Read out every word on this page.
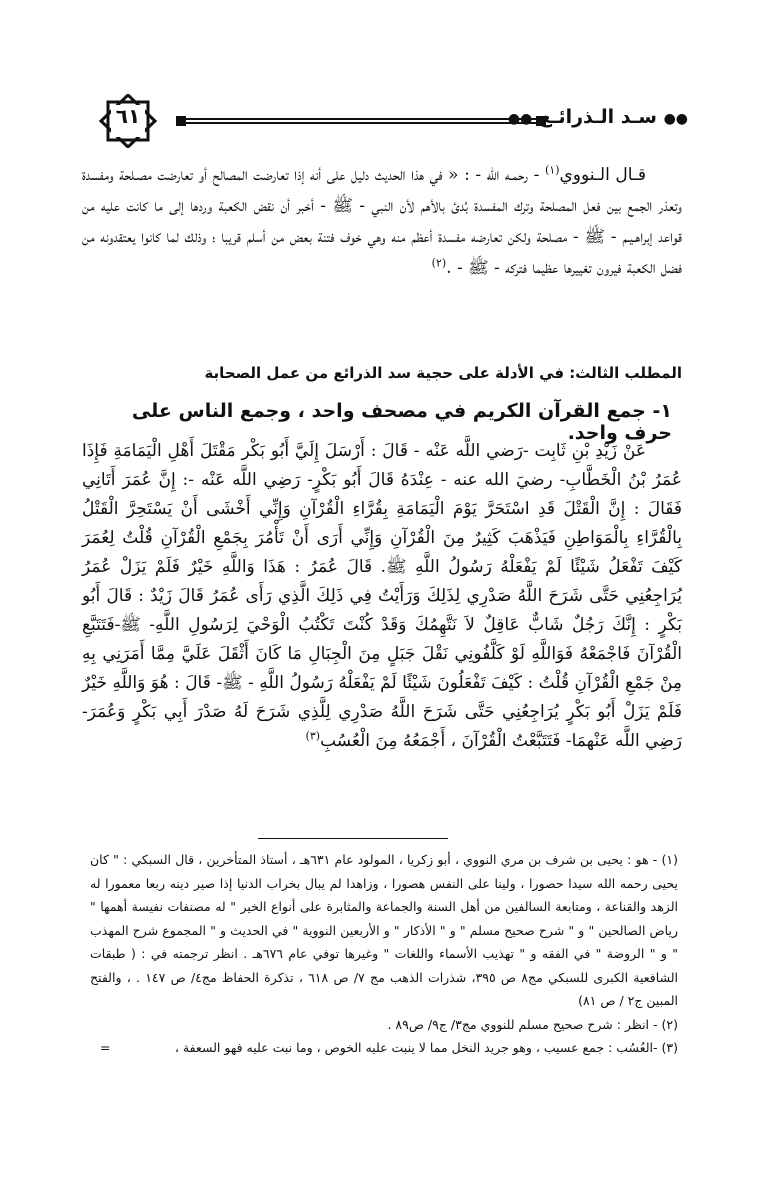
٦١	●● سـد الـذرائـع ●●
قـال الـنووي$^{(١)}$ - رحمـه الله - : « في هذا الحديث دليل على أنه إذا تعارضت المصالح أو تعارضت مصـلحة ومفسدة وتعذر الجمع بين فعل المصلحة وترك المفسدة بُدئ بالأهم لأن النبي - ﷺ - أخبر أن نقض الكعبة وردها إلى ما كانت عليه من قواعد إبراهـيـم - ﷺ - مصلحة ولكن تعارضه مفسدة أعظم منه وهي خوف فتنة بعض من أسلم قريبا ؛ وذلك لما كانوا يعتقدونه من فضل الكعبة فيرون تغييرها عظيما فتركه - ﷺ - .$^{(٢)}$
المطلب الثالث: في الأدلة على حجية سد الذرائع من عمل الصحابة
١- جمع القرآن الكريم في مصحف واحد ، وجمع الناس على حرف واحد.
عَنْ زَيْدِ بْنِ ثَابِت -رَضي اللَّه عَنْه - قَالَ : أَرْسَلَ إِلَيَّ أَبُو بَكْر مَقْتَلَ أَهْلِ الْيَمَامَةِ فَإِذَا عُمَرُ بْنُ الْخَطَّابِ- رضيَ الله عنه - عِنْدَهُ قَالَ أَبُو بَكْرٍ- رَضِي اللَّه عَنْه -: إِنَّ عُمَرَ أَتَانِي فَقَالَ : إِنَّ الْقَتْلَ قَدِ اسْتَحَرَّ يَوْمَ الْيَمَامَةِ بِقُرَّاءِ الْقُرْآنِ وَإِنِّي أَخْشَى أَنْ يَسْتَحِرَّ الْقَتْلُ بِالْقُرَّاءِ بِالْمَوَاطِنِ فَيَذْهَبَ كَثِيرٌ مِنَ الْقُرْآنِ وَإِنِّي أَرَى أَنْ تَأْمُرَ بِجَمْعِ الْقُرْآنِ قُلْتُ لِعُمَرَ كَيْفَ تَفْعَلُ شَيْئًا لَمْ يَفْعَلْهُ رَسُولُ اللَّهِ ﷺ. قَالَ عُمَرُ : هَذَا وَاللَّهِ خَيْرٌ فَلَمْ يَزَلْ عُمَرُ يُرَاجِعُنِي حَتَّى شَرَحَ اللَّهُ صَدْرِي لِذَلِكَ وَرَأَيْتُ فِي ذَلِكَ الَّذِي رَأَى عُمَرُ قَالَ زَيْدٌ : قَالَ أَبُو بَكْرٍ : إِنَّكَ رَجُلٌ شَابٌّ عَاقِلٌ لاَ نَتَّهِمُكَ وَقَدْ كُنْتَ تَكْتُبُ الْوَحْيَ لِرَسُولِ اللَّهِ- ﷺ-فَتَتَبَّعِ الْقُرْآنَ فَاجْمَعْهُ فَوَاللَّهِ لَوْ كَلَّفُونِي نَقْلَ جَبَلٍ مِنَ الْجِبَالِ مَا كَانَ أَثْقَلَ عَلَيَّ مِمَّا أَمَرَنِي بِهِ مِنْ جَمْعِ الْقُرْآنِ قُلْتُ : كَيْفَ تَفْعَلُونَ شَيْئًا لَمْ يَفْعَلْهُ رَسُولُ اللَّهِ - ﷺ- قَالَ : هُوَ وَاللَّهِ خَيْرٌ فَلَمْ يَزَلْ أَبُو بَكْرٍ يُرَاجِعُنِي حَتَّى شَرَحَ اللَّهُ صَدْرِي لِلَّذِي شَرَحَ لَهُ صَدْرَ أَبِي بَكْرٍ وَعُمَرَ- رَضِي اللَّه عَنْهمَا- فَتَتَبَّعْتُ الْقُرْآنَ ، أَجْمَعُهُ مِنَ الْعُسُبِ$^{(٣)}$

(١) - هو : يحيى بن شرف بن مري النووي ، أبو زكريا ، المولود عام ٦٣١هـ ، أستاذ المتأخرين ، قال السبكي : " كان يحيى رحمه الله سيدا حصورا ، ولينا على النفس هصورا ، وزاهدا لم يبال بخراب الدنيا إذا صير دينه ربعا معمورا له الزهد والقناعة ، ومتابعة السالفين من أهل السنة والجماعة والمثابرة على أنواع الخير " له مصنفات نفيسة أهمها " رياض الصالحين " و " شرح صحيح مسلم " و " الأذكار " و الأربعين النووية " في الحديث و " المجموع شرح المهذب " و " الروضة " في الفقه و " تهذيب الأسماء واللغات " وغيرها توفي عام ٦٧٦هـ . انظر ترجمته في : ( طبقات الشافعية الكبرى للسبكي مج٨ ص ٣٩٥، شذرات الذهب مج ٧/ ص ٦١٨ ، تذكرة الحفاظ مج٤/ ص ١٤٧ . ، والفتح المبين ج٢ / ص ٨١)

(٢) - انظر : شرح صحيح مسلم للنووي مج٣/ ج٩/ ص٨٩ .

(٣) -العُسُب : جمع عسيب ، وهو جريد النخل مما لا ينبت عليه الخوص ، وما نبت عليه فهو السعفة ،
=
